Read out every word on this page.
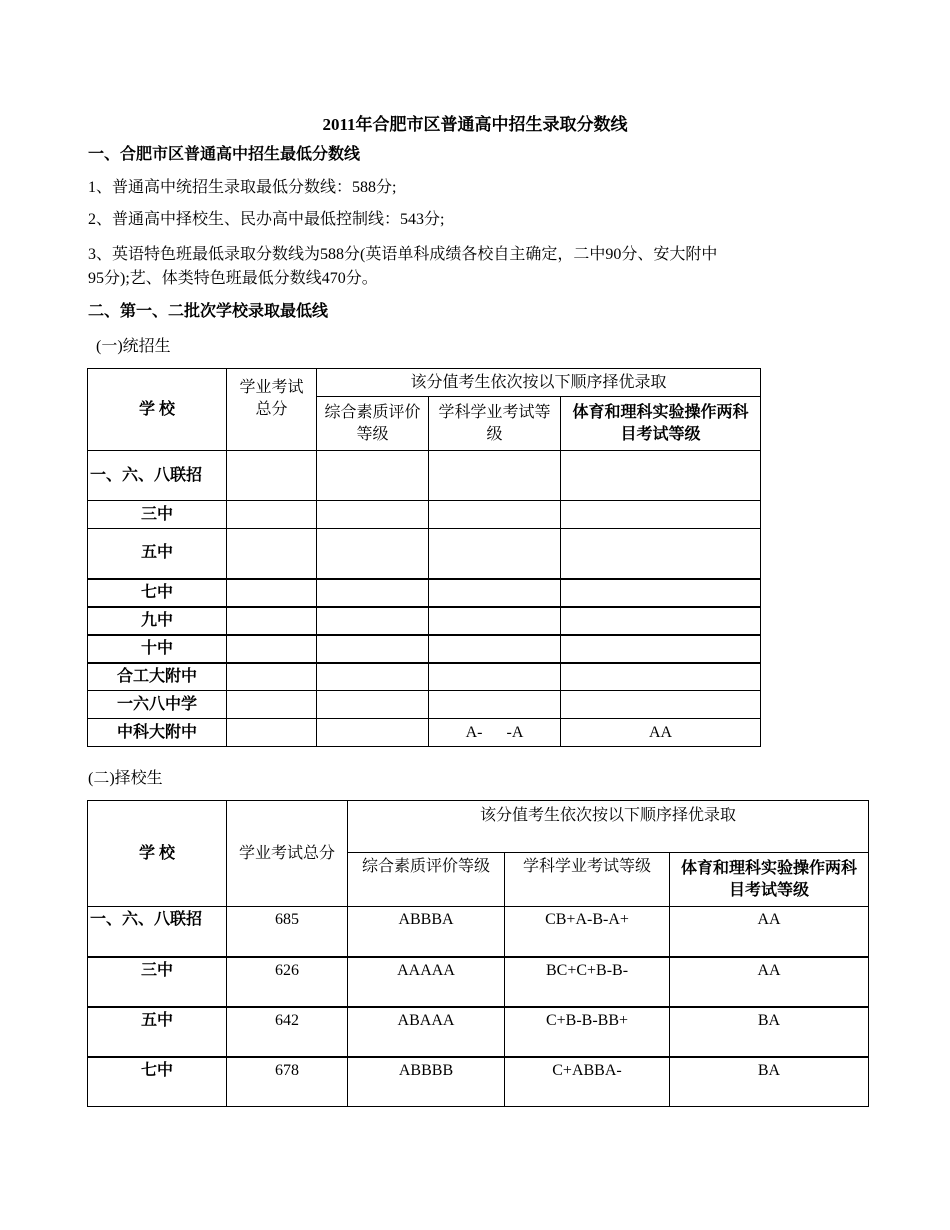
2011年合肥市区普通高中招生录取分数线
一、合肥市区普通高中招生最低分数线
1、普通高中统招生录取最低分数线：588分;
2、普通高中择校生、民办高中最低控制线：543分;
3、英语特色班最低录取分数线为588分(英语单科成绩各校自主确定，二中90分、安大附中
95分);艺、体类特色班最低分数线470分。
二、第一、二批次学校录取最低线
(一)统招生
学 校	学业考试总分	该分值考生依次按以下顺序择优录取		
		综合素质评价等级	学科学业考试等级	体育和理科实验操作两科目考试等级
一、六、八联招				
三中				
五中				
七中				
九中				
十中				
合工大附中				
一六八中学				
中科大附中			A-      -A	AA
(二)择校生
学 校	学业考试总分	该分值考生依次按以下顺序择优录取		
		综合素质评价等级	学科学业考试等级	体育和理科实验操作两科目考试等级
一、六、八联招	685	ABBBA	CB+A-B-A+	AA
三中	626	AAAAA	BC+C+B-B-	AA
五中	642	ABAAA	C+B-B-BB+	BA
七中	678	ABBBB	C+ABBA-	BA
